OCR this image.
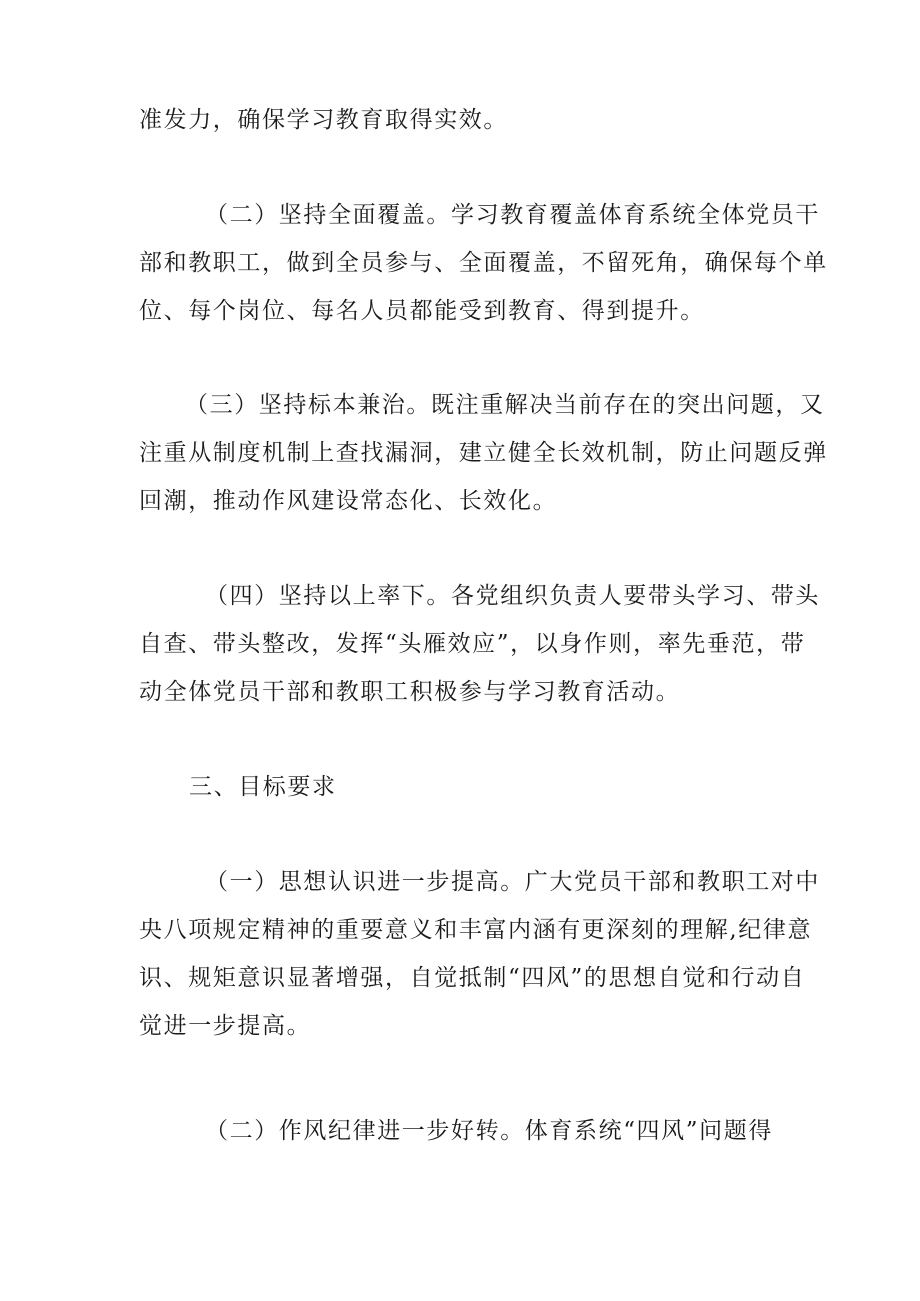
准发力，确保学习教育取得实效。
（二）坚持全面覆盖。学习教育覆盖体育系统全体党员干
部和教职工，做到全员参与、全面覆盖，不留死角，确保每个单
位、每个岗位、每名人员都能受到教育、得到提升。
（三）坚持标本兼治。既注重解决当前存在的突出问题，又
注重从制度机制上查找漏洞，建立健全长效机制，防止问题反弹
回潮，推动作风建设常态化、长效化。
（四）坚持以上率下。各党组织负责人要带头学习、带头
自查、带头整改，发挥“头雁效应”，以身作则，率先垂范，带
动全体党员干部和教职工积极参与学习教育活动。
三、目标要求
（一）思想认识进一步提高。广大党员干部和教职工对中
央八项规定精神的重要意义和丰富内涵有更深刻的理解,纪律意
识、规矩意识显著增强，自觉抵制“四风”的思想自觉和行动自
觉进一步提高。
（二）作风纪律进一步好转。体育系统“四风”问题得
